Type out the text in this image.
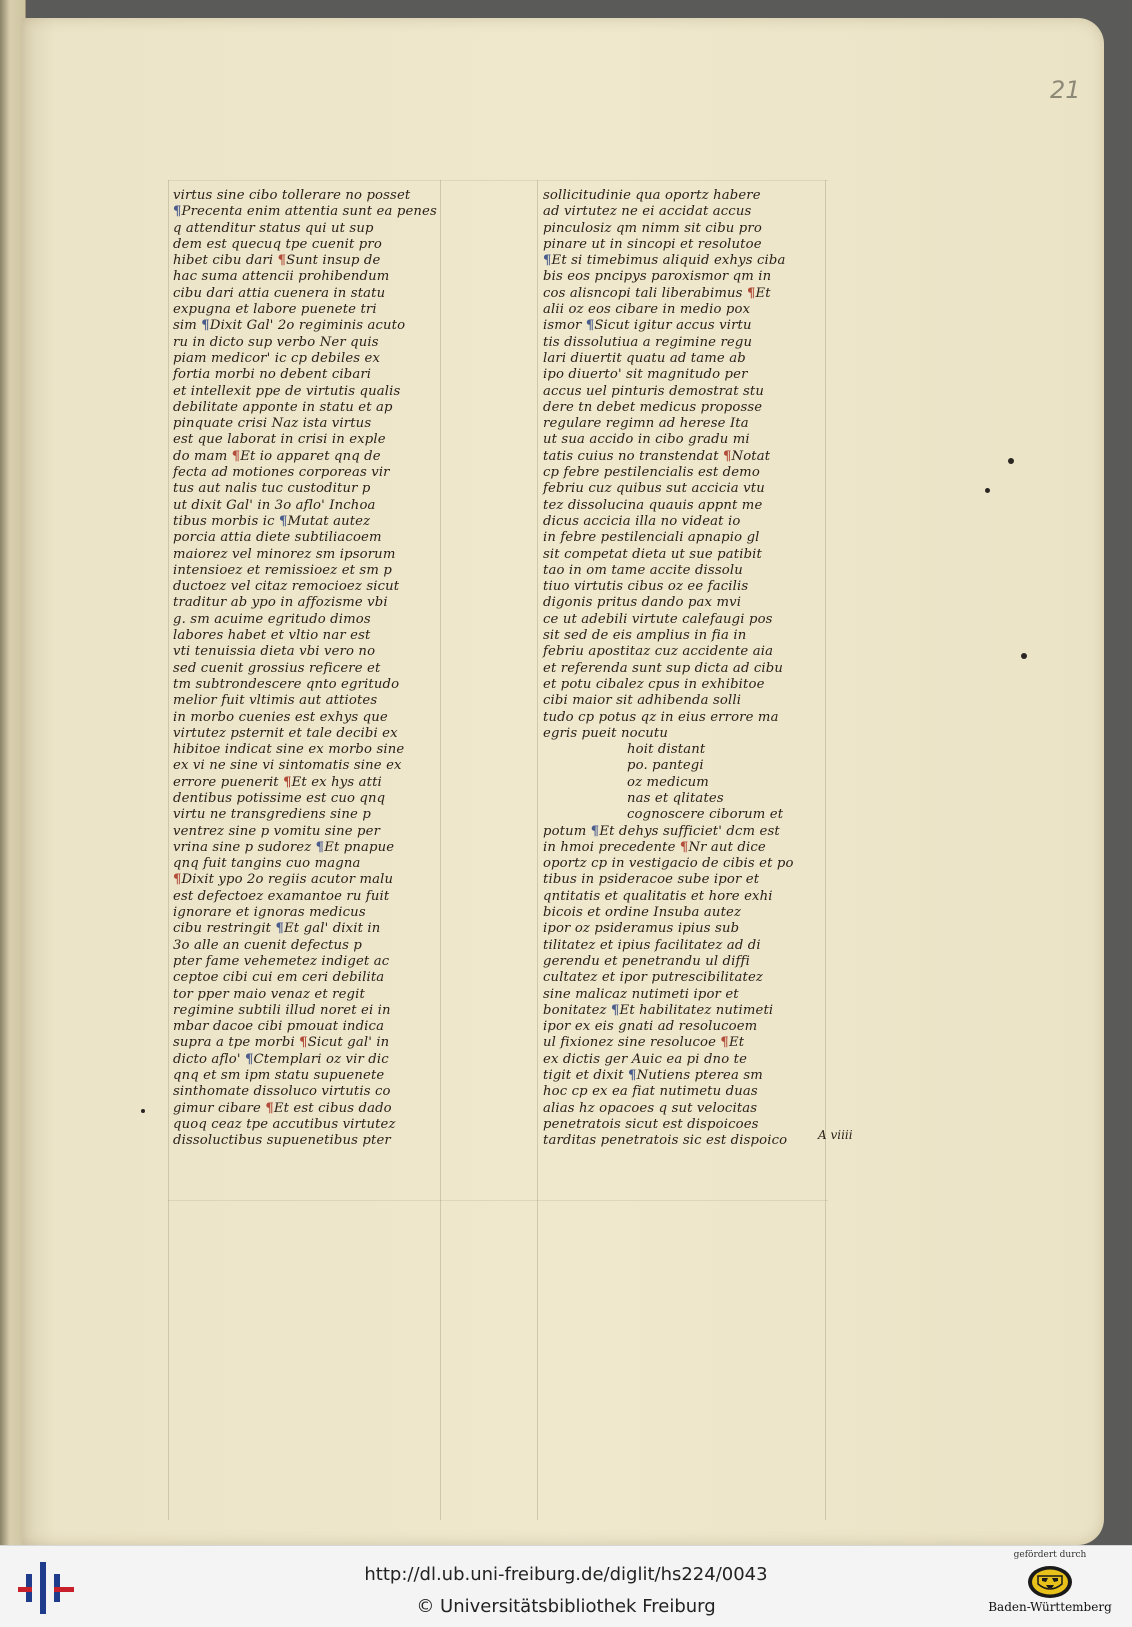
21
virtus sine cibo tollerare no posset
¶Precenta enim attentia sunt ea penes
q attenditur status qui ut sup
dem est quecuq tpe cuenit pro
hibet cibu dari ¶Sunt insup de
hac suma attencii prohibendum
cibu dari attia cuenera in statu
expugna et labore puenete tri
sim ¶Dixit Gal' 2o regiminis acuto
ru in dicto sup verbo Ner quis
piam medicor' ic cp debiles ex
fortia morbi no debent cibari
et intellexit ppe de virtutis qualis
debilitate apponte in statu et ap
pinquate crisi Naz ista virtus
est que laborat in crisi in exple
do mam ¶Et io apparet qnq de
fecta ad motiones corporeas vir
tus aut nalis tuc custoditur p
ut dixit Gal' in 3o aflo' Inchoa
tibus morbis ic ¶Mutat autez
porcia attia diete subtiliacoem
maiorez vel minorez sm ipsorum
intensioez et remissioez et sm p
ductoez vel citaz remocioez sicut
traditur ab ypo in affozisme vbi
g. sm acuime egritudo dimos
labores habet et vltio nar est
vti tenuissia dieta vbi vero no
sed cuenit grossius reficere et
tm subtrondescere qnto egritudo
melior fuit vltimis aut attiotes
in morbo cuenies est exhys que
virtutez psternit et tale decibi ex
hibitoe indicat sine ex morbo sine
ex vi ne sine vi sintomatis sine ex
errore puenerit ¶Et ex hys atti
dentibus potissime est cuo qnq
virtu ne transgrediens sine p
ventrez sine p vomitu sine per
vrina sine p sudorez ¶Et pnapue
qnq fuit tangins cuo magna
¶Dixit ypo 2o regiis acutor malu
est defectoez examantoe ru fuit
ignorare et ignoras medicus
cibu restringit ¶Et gal' dixit in
3o alle an cuenit defectus p
pter fame vehemetez indiget ac
ceptoe cibi cui em ceri debilita
tor pper maio venaz et regit
regimine subtili illud noret ei in
mbar dacoe cibi pmouat indica
supra a tpe morbi ¶Sicut gal' in
dicto aflo' ¶Ctemplari oz vir dic
qnq et sm ipm statu supuenete
sinthomate dissoluco virtutis co
gimur cibare ¶Et est cibus dado
quoq ceaz tpe accutibus virtutez
dissoluctibus supuenetibus pter
sollicitudinie qua oportz habere
ad virtutez ne ei accidat accus
pinculosiz qm nimm sit cibu pro
pinare ut in sincopi et resolutoe
¶Et si timebimus aliquid exhys ciba
bis eos pncipys paroxismor qm in
cos alisncopi tali liberabimus ¶Et
alii oz eos cibare in medio pox
ismor ¶Sicut igitur accus virtu
tis dissolutiua a regimine regu
lari diuertit quatu ad tame ab
ipo diuerto' sit magnitudo per
accus uel pinturis demostrat stu
dere tn debet medicus proposse
regulare regimn ad herese Ita
ut sua accido in cibo gradu mi
tatis cuius no transtendat ¶Notat
cp febre pestilencialis est demo
febriu cuz quibus sut accicia vtu
tez dissolucina quauis appnt me
dicus accicia illa no videat io
in febre pestilenciali apnapio gl
sit competat dieta ut sue patibit
tao in om tame accite dissolu
tiuo virtutis cibus oz ee facilis
digonis pritus dando pax mvi
ce ut adebili virtute calefaugi pos
sit sed de eis amplius in fia in
febriu apostitaz cuz accidente aia
et referenda sunt sup dicta ad cibu
et potu cibalez cpus in exhibitoe
cibi maior sit adhibenda solli
tudo cp potus qz in eius errore ma
egris pueit nocutu
hoit distant
po. pantegi
oz medicum
nas et qlitates
cognoscere ciborum et
potum ¶Et dehys sufficiet' dcm est
in hmoi precedente ¶Nr aut dice
oportz cp in vestigacio de cibis et po
tibus in psideracoe sube ipor et
qntitatis et qualitatis et hore exhi
bicois et ordine Insuba autez
ipor oz psideramus ipius sub
tilitatez et ipius facilitatez ad di
gerendu et penetrandu ul diffi
cultatez et ipor putrescibilitatez
sine malicaz nutimeti ipor et
bonitatez ¶Et habilitatez nutimeti
ipor ex eis gnati ad resolucoem
ul fixionez sine resolucoe ¶Et
ex dictis ger Auic ea pi dno te
tigit et dixit ¶Nutiens pterea sm
hoc cp ex ea fiat nutimetu duas
alias hz opacoes q sut velocitas
penetratois sicut est dispoicoes
tarditas penetratois sic est dispoico	A viiii
http://dl.ub.uni-freiburg.de/diglit/hs224/0043
© Universitätsbibliothek Freiburg
gefördert durch
Baden-Württemberg
